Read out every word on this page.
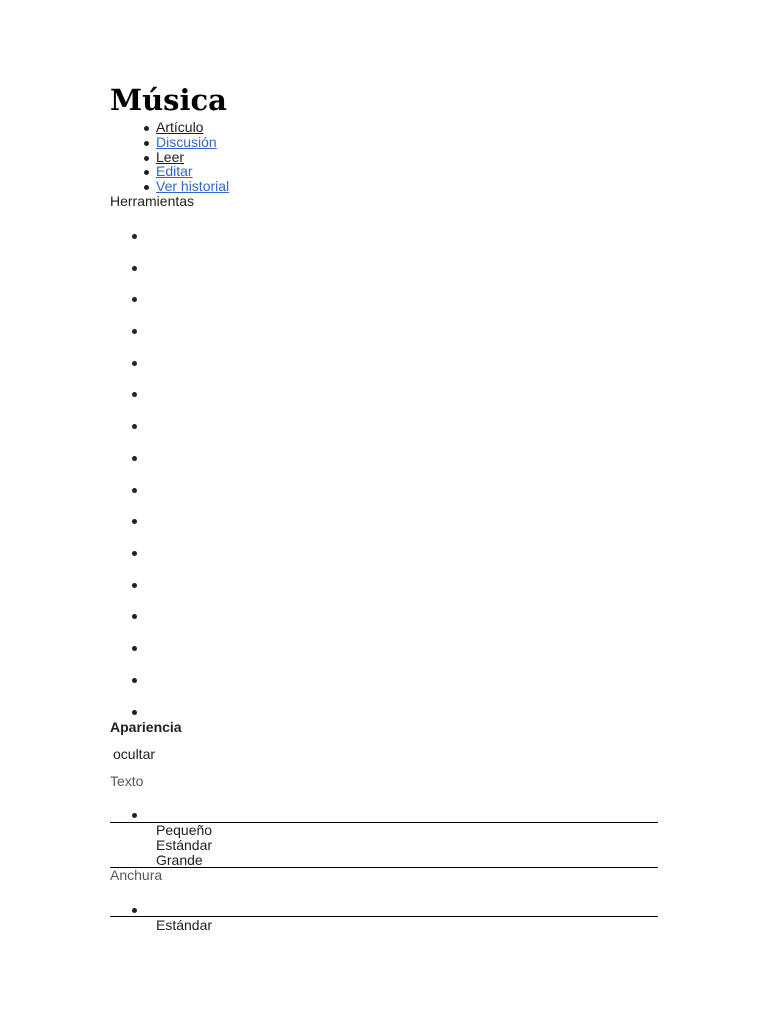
Música
Artículo
Discusión
Leer
Editar
Ver historial
Herramientas
Apariencia
ocultar
Texto
Pequeño
Estándar
Grande
Anchura
Estándar
